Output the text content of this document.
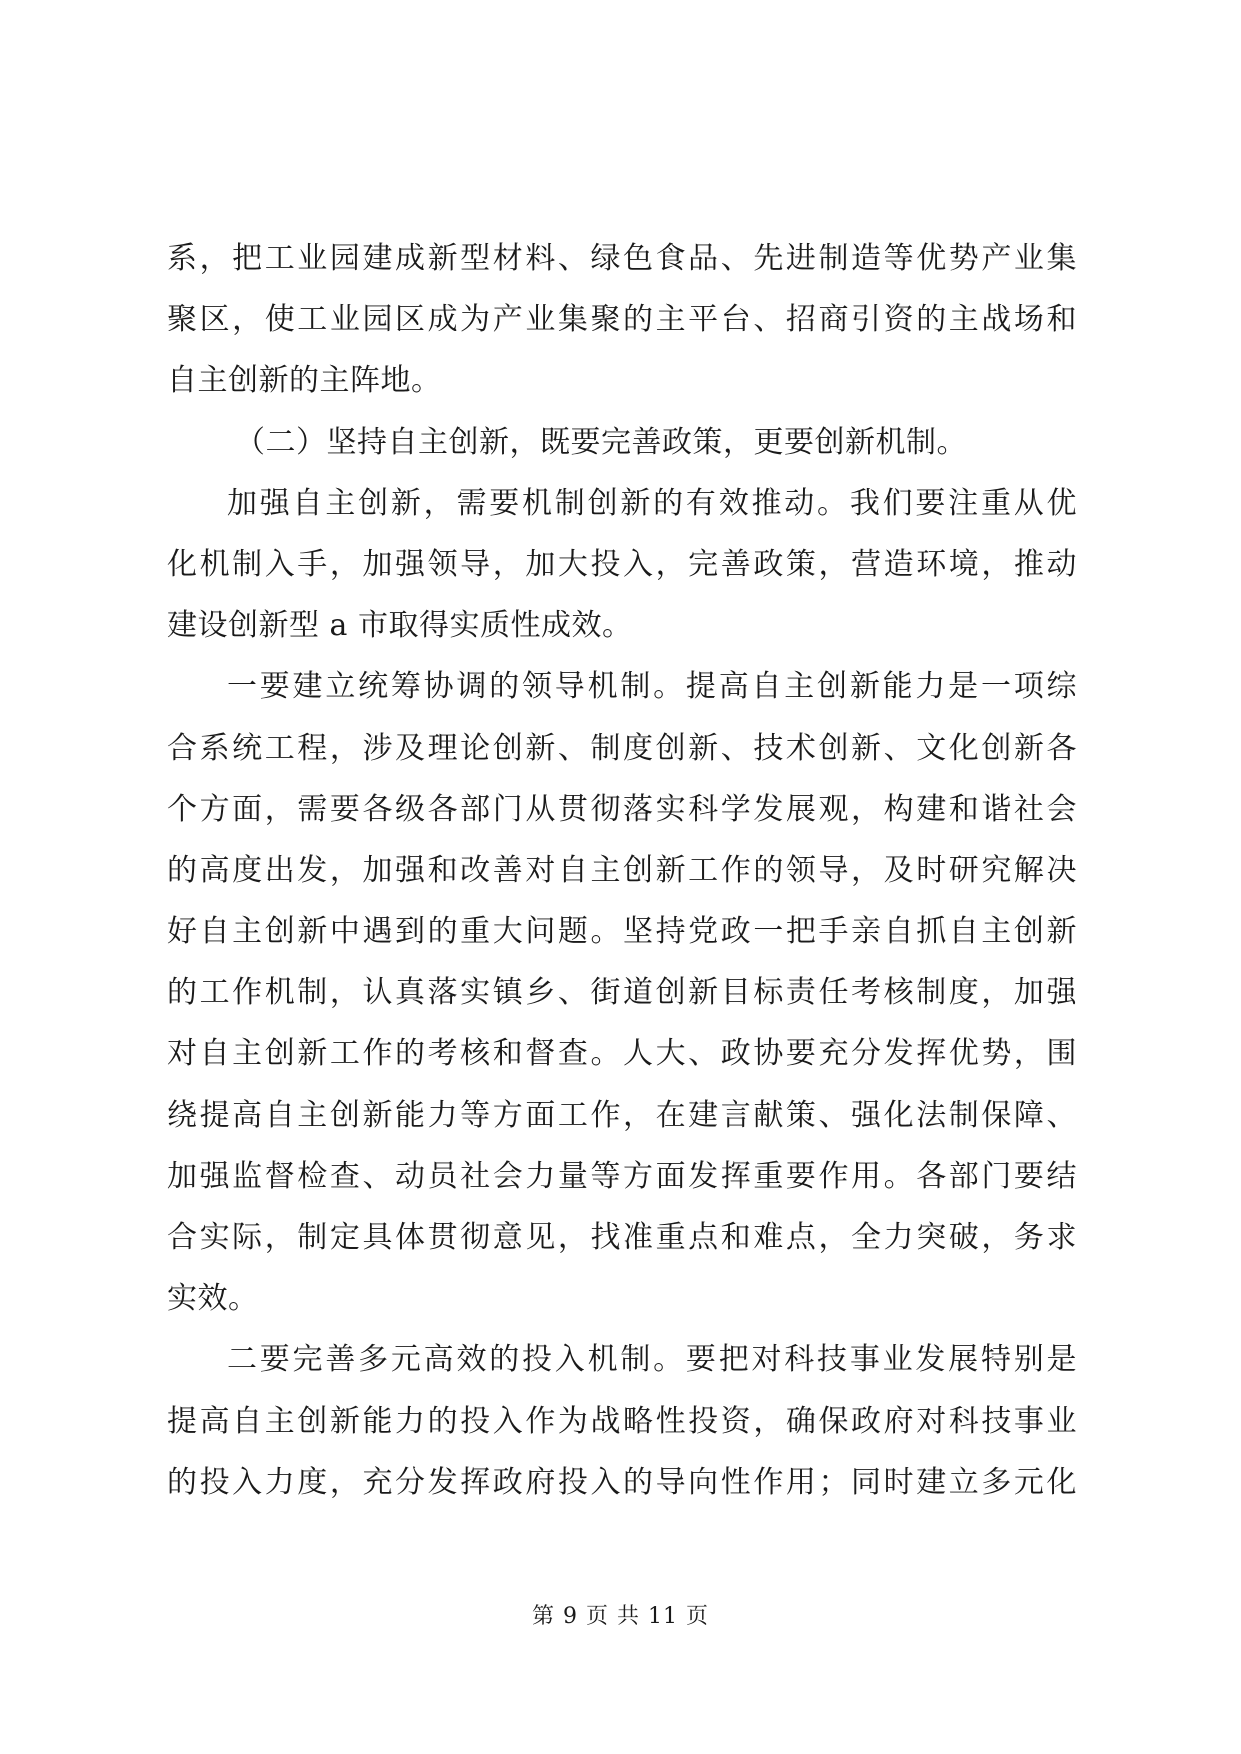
系，把工业园建成新型材料、绿色食品、先进制造等优势产业集
聚区，使工业园区成为产业集聚的主平台、招商引资的主战场和
自主创新的主阵地。
（二）坚持自主创新，既要完善政策，更要创新机制。
加强自主创新，需要机制创新的有效推动。我们要注重从优
化机制入手，加强领导，加大投入，完善政策，营造环境，推动
建设创新型 a 市取得实质性成效。
一要建立统筹协调的领导机制。提高自主创新能力是一项综
合系统工程，涉及理论创新、制度创新、技术创新、文化创新各
个方面，需要各级各部门从贯彻落实科学发展观，构建和谐社会
的高度出发，加强和改善对自主创新工作的领导，及时研究解决
好自主创新中遇到的重大问题。坚持党政一把手亲自抓自主创新
的工作机制，认真落实镇乡、街道创新目标责任考核制度，加强
对自主创新工作的考核和督查。人大、政协要充分发挥优势，围
绕提高自主创新能力等方面工作，在建言献策、强化法制保障、
加强监督检查、动员社会力量等方面发挥重要作用。各部门要结
合实际，制定具体贯彻意见，找准重点和难点，全力突破，务求
实效。
二要完善多元高效的投入机制。要把对科技事业发展特别是
提高自主创新能力的投入作为战略性投资，确保政府对科技事业
的投入力度，充分发挥政府投入的导向性作用；同时建立多元化
第 9 页 共 11 页
